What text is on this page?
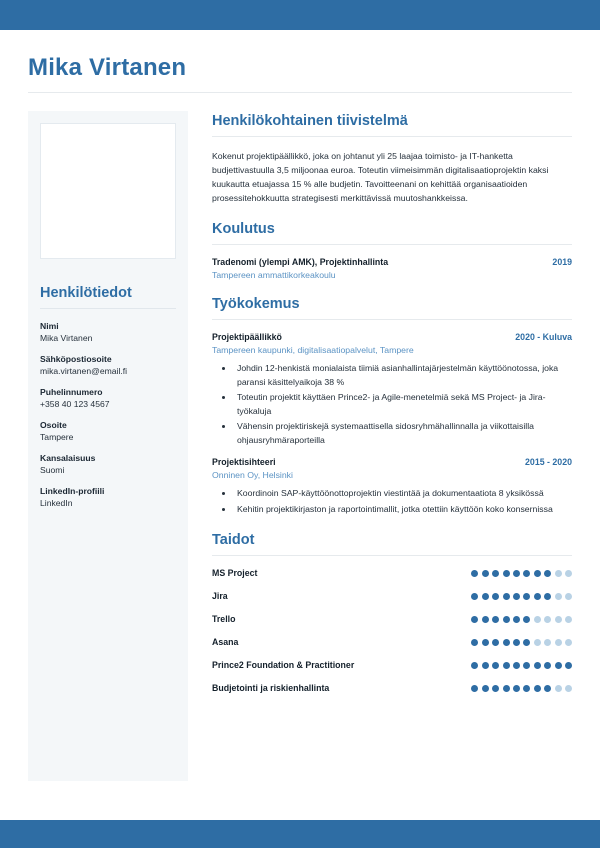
Mika Virtanen
Henkilötiedot
Nimi
Mika Virtanen
Sähköpostiosoite
mika.virtanen@email.fi
Puhelinnumero
+358 40 123 4567
Osoite
Tampere
Kansalaisuus
Suomi
LinkedIn-profiili
LinkedIn
Henkilökohtainen tiivistelmä

Kokenut projektipäällikkö, joka on johtanut yli 25 laajaa toimisto- ja IT-hanketta budjettivastuulla 3,5 miljoonaa euroa. Toteutin viimeisimmän digitalisaatioprojektin kaksi kuukautta etuajassa 15 % alle budjetin. Tavoitteenani on kehittää organisaatioiden prosessitehokkuutta strategisesti merkittävissä muutoshankkeissa.

Koulutus
Tradenomi (ylempi AMK), Projektinhallinta	2019
Tampereen ammattikorkeakoulu
Työkokemus
Projektipäällikkö	2020 - Kuluva
Tampereen kaupunki, digitalisaatiopalvelut, Tampere
• Johdin 12-henkistä monialaista tiimiä asianhallintajärjestelmän käyttöönotossa, joka paransi käsittelyaikoja 38 %
• Toteutin projektit käyttäen Prince2- ja Agile-menetelmiä sekä MS Project- ja Jira-työkaluja
• Vähensin projektiriskejä systemaattisella sidosryhmähallinnalla ja viikottaisilla ohjausryhmäraporteilla
Projektisihteeri	2015 - 2020
Onninen Oy, Helsinki
• Koordinoin SAP-käyttöönottoprojektin viestintää ja dokumentaatiota 8 yksikössä
• Kehitin projektikirjaston ja raportointimallit, jotka otettiin käyttöön koko konsernissa
Taidot
MS Project
Jira
Trello
Asana
Prince2 Foundation & Practitioner
Budjetointi ja riskienhallinta
